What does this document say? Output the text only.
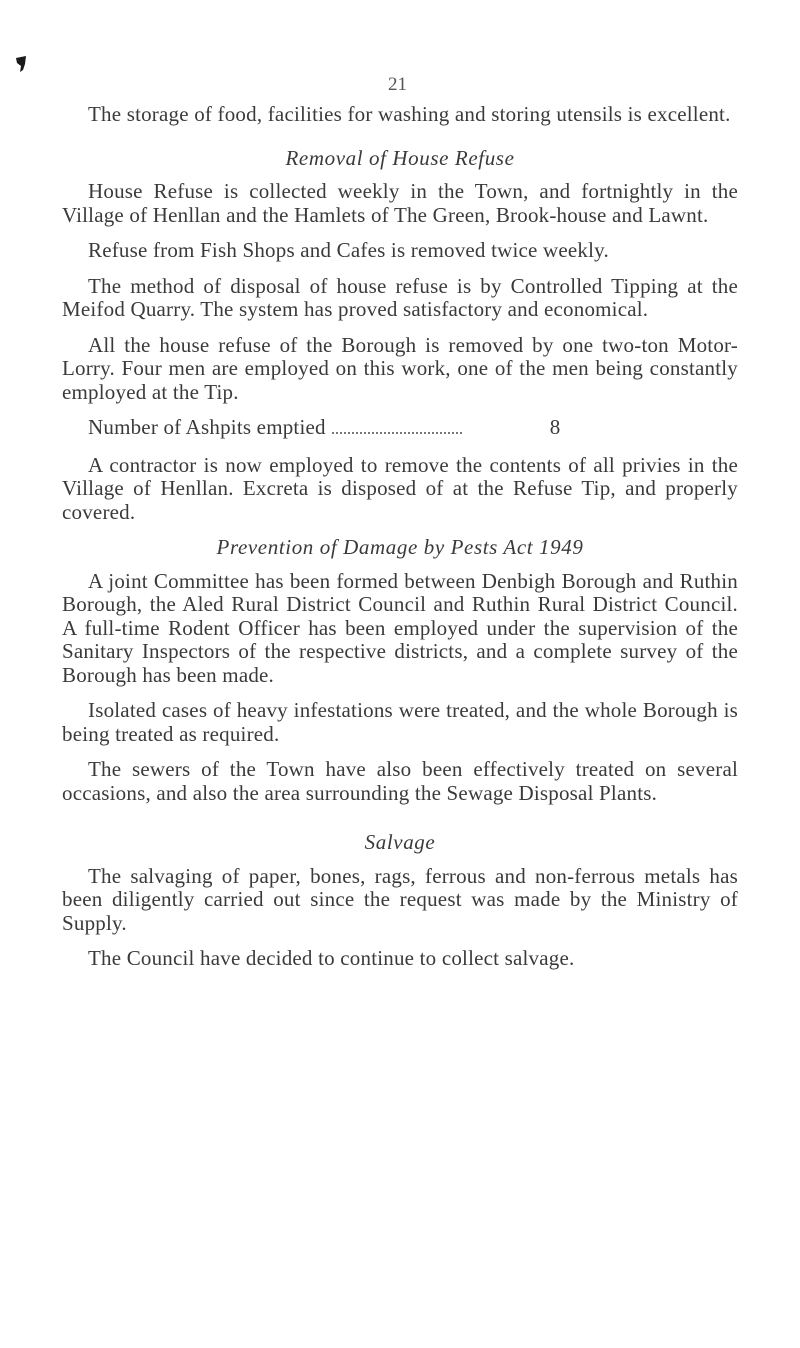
21

The storage of food, facilities for washing and storing utensils is excellent.

Removal of House Refuse

House Refuse is collected weekly in the Town, and fortnightly in the Village of Henllan and the Hamlets of The Green, Brook-house and Lawnt.

Refuse from Fish Shops and Cafes is removed twice weekly.

The method of disposal of house refuse is by Controlled Tipping at the Meifod Quarry. The system has proved satisfactory and economical.

All the house refuse of the Borough is removed by one two-ton Motor-Lorry. Four men are employed on this work, one of the men being constantly employed at the Tip.

Number of Ashpits emptied	8

A contractor is now employed to remove the contents of all privies in the Village of Henllan. Excreta is disposed of at the Refuse Tip, and properly covered.

Prevention of Damage by Pests Act 1949

A joint Committee has been formed between Denbigh Borough and Ruthin Borough, the Aled Rural District Council and Ruthin Rural District Council. A full-time Rodent Officer has been employed under the supervision of the Sanitary Inspectors of the respective districts, and a complete survey of the Borough has been made.

Isolated cases of heavy infestations were treated, and the whole Borough is being treated as required.

The sewers of the Town have also been effectively treated on several occasions, and also the area surrounding the Sewage Disposal Plants.

Salvage

The salvaging of paper, bones, rags, ferrous and non-ferrous metals has been diligently carried out since the request was made by the Ministry of Supply.

The Council have decided to continue to collect salvage.
